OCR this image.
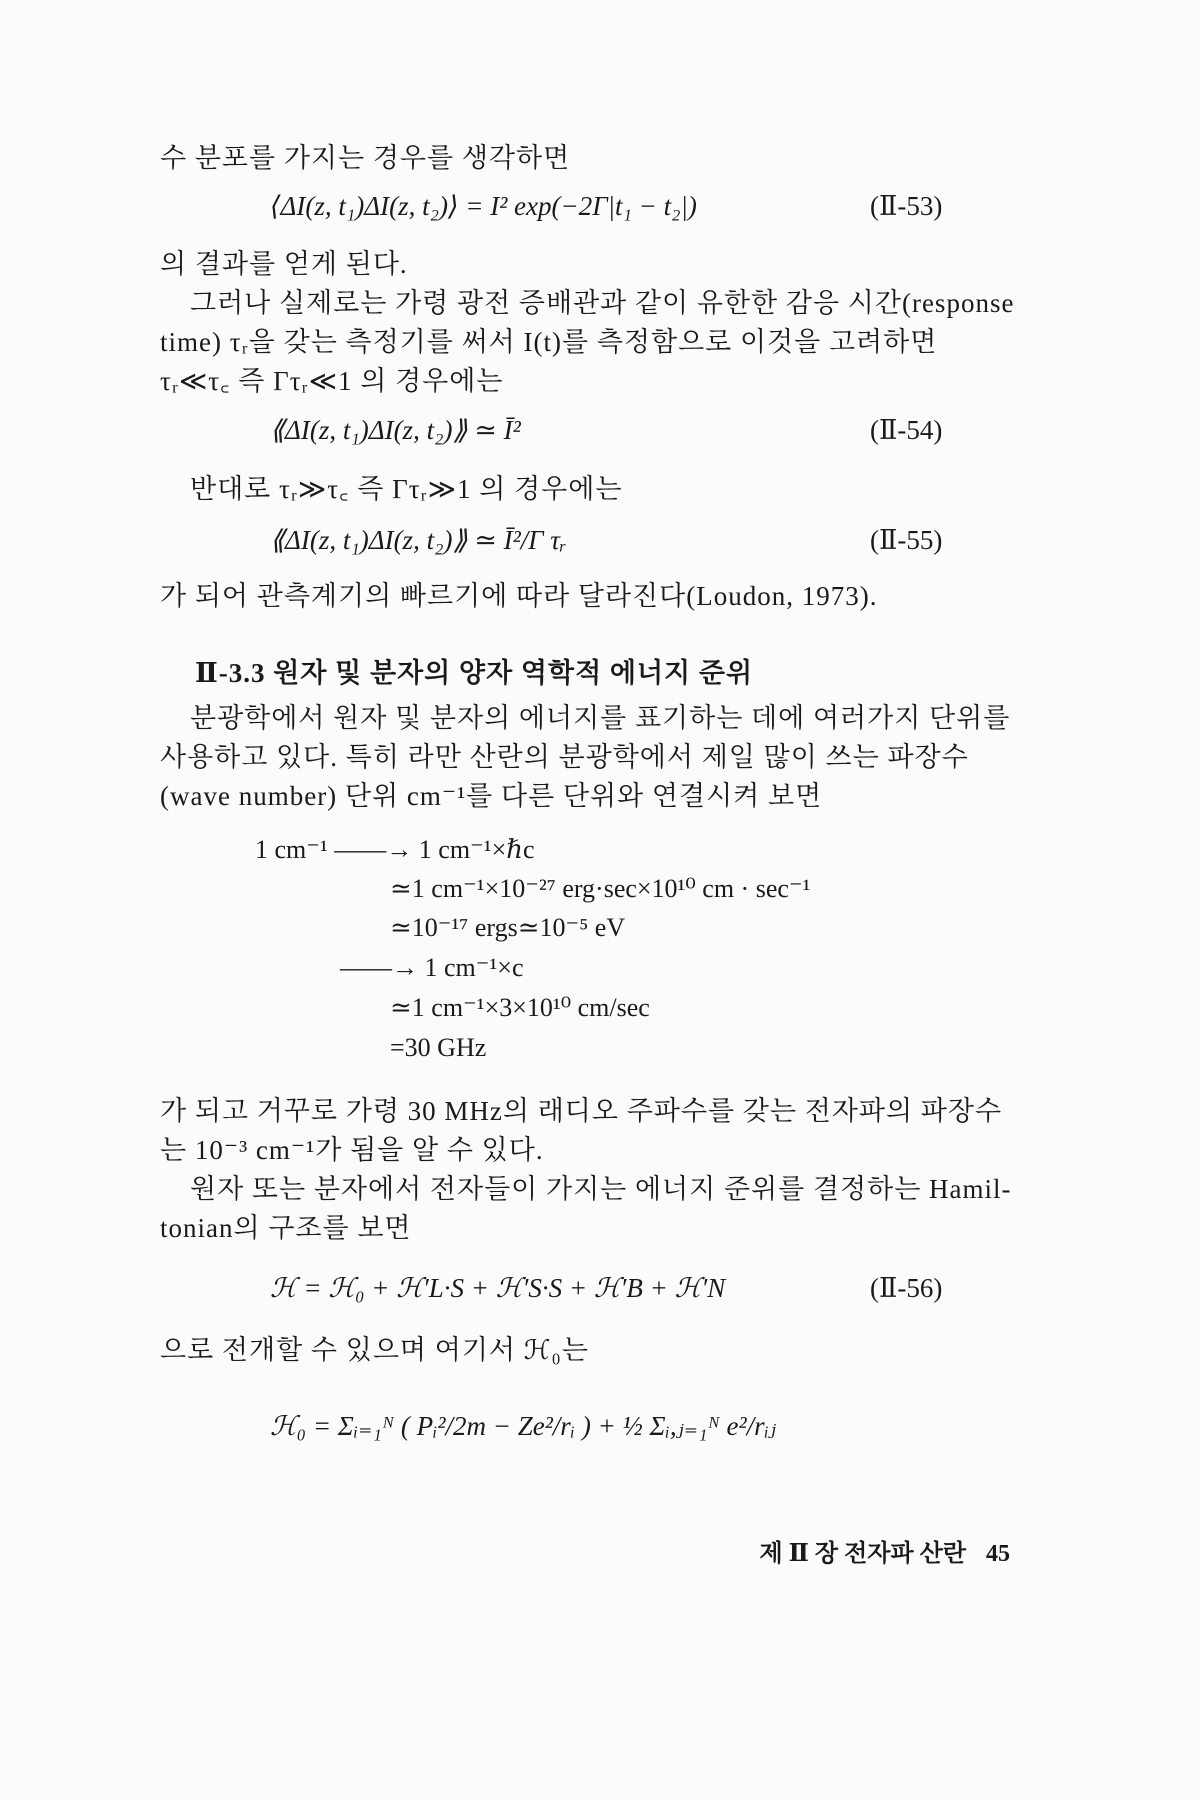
수 분포를 가지는 경우를 생각하면
⟨ΔI(z, t₁)ΔI(z, t₂)⟩ = I² exp(−2Γ|t₁ − t₂|)	(Ⅱ-53)
의 결과를 얻게 된다.
그러나 실제로는 가령 광전 증배관과 같이 유한한 감응 시간(response
time) τᵣ을 갖는 측정기를 써서 I(t)를 측정함으로 이것을 고려하면
τᵣ≪τ꜀ 즉 Γτᵣ≪1 의 경우에는
⟪ΔI(z, t₁)ΔI(z, t₂)⟫ ≃ Ī²	(Ⅱ-54)
반대로 τᵣ≫τ꜀ 즉 Γτᵣ≫1 의 경우에는
⟪ΔI(z, t₁)ΔI(z, t₂)⟫ ≃ Ī²/Γ τᵣ	(Ⅱ-55)
가 되어 관측계기의 빠르기에 따라 달라진다(Loudon, 1973).
Ⅱ-3.3 원자 및 분자의 양자 역학적 에너지 준위
분광학에서 원자 및 분자의 에너지를 표기하는 데에 여러가지 단위를
사용하고 있다. 특히 라만 산란의 분광학에서 제일 많이 쓰는 파장수
(wave number) 단위 cm⁻¹를 다른 단위와 연결시켜 보면
1 cm⁻¹ ——→ 1 cm⁻¹×ℏc
≃1 cm⁻¹×10⁻²⁷ erg·sec×10¹⁰ cm · sec⁻¹
≃10⁻¹⁷ ergs≃10⁻⁵ eV
——→ 1 cm⁻¹×c
≃1 cm⁻¹×3×10¹⁰ cm/sec
=30 GHz
가 되고 거꾸로 가령 30 MHz의 래디오 주파수를 갖는 전자파의 파장수
는 10⁻³ cm⁻¹가 됨을 알 수 있다.
원자 또는 분자에서 전자들이 가지는 에너지 준위를 결정하는 Hamil-
tonian의 구조를 보면
ℋ = ℋ₀ + ℋ′L·S + ℋ′S·S + ℋ′B + ℋ′N	(Ⅱ-56)
으로 전개할 수 있으며 여기서 ℋ₀는
ℋ₀ = Σᵢ₌₁ᴺ ( Pᵢ²/2m − Ze²/rᵢ ) + ½ Σᵢ,ⱼ₌₁ᴺ e²/rᵢⱼ
제 Ⅱ 장 전자파 산란 45
